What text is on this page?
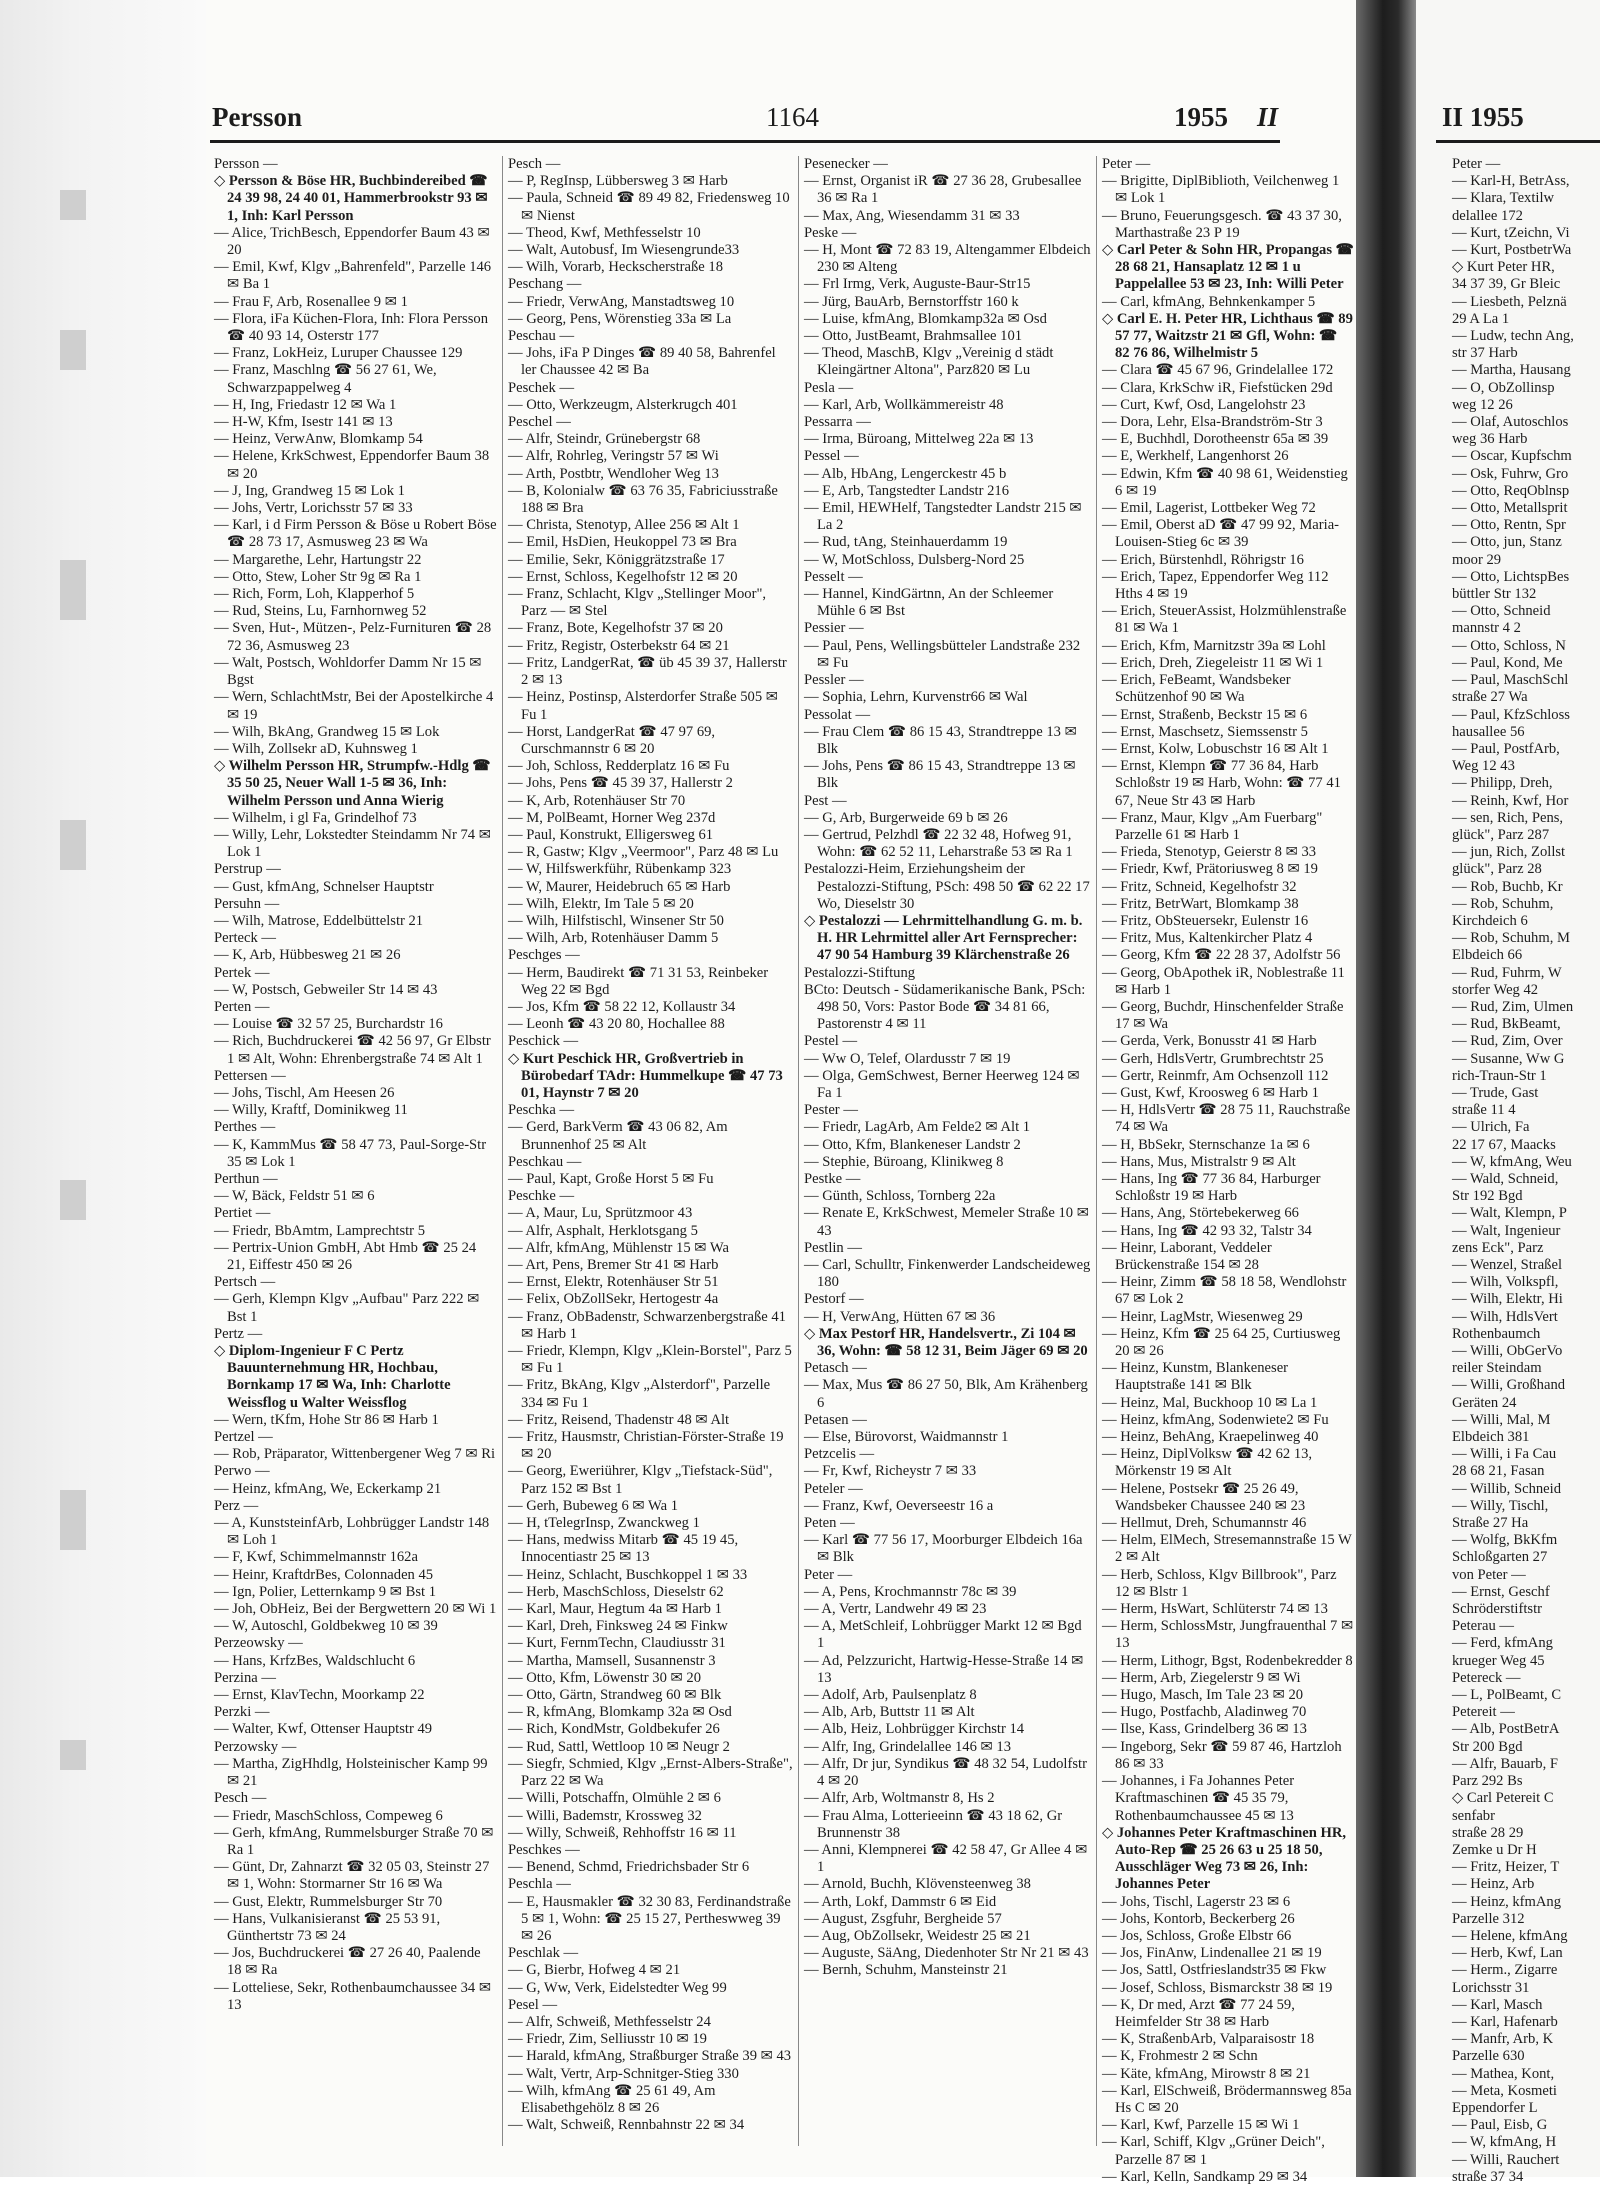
Persson	1164	1955 II
Persson —
◇ Persson & Böse HR, Buchbindereibed ☎ 24 39 98, 24 40 01, Hammerbrookstr 93 ✉ 1, Inh: Karl Persson
— Alice, TrichBesch, Eppendorfer Baum 43 ✉ 20
— Emil, Kwf, Klgv „Bahrenfeld", Parzelle 146 ✉ Ba 1
— Frau F, Arb, Rosenallee 9 ✉ 1
— Flora, iFa Küchen-Flora, Inh: Flora Persson ☎ 40 93 14, Osterstr 177
— Franz, LokHeiz, Luruper Chaussee 129
— Franz, Maschlng ☎ 56 27 61, We, Schwarzpappelweg 4
— H, Ing, Friedastr 12 ✉ Wa 1
— H-W, Kfm, Isestr 141 ✉ 13
— Heinz, VerwAnw, Blomkamp 54
— Helene, KrkSchwest, Eppendorfer Baum 38 ✉ 20
— J, Ing, Grandweg 15 ✉ Lok 1
— Johs, Vertr, Lorichsstr 57 ✉ 33
— Karl, i d Firm Persson & Böse u Robert Böse ☎ 28 73 17, Asmusweg 23 ✉ Wa
— Margarethe, Lehr, Hartungstr 22
— Otto, Stew, Loher Str 9g ✉ Ra 1
— Rich, Form, Loh, Klapperhof 5
— Rud, Steins, Lu, Farnhornweg 52
— Sven, Hut-, Mützen-, Pelz-Furnituren ☎ 28 72 36, Asmusweg 23
— Walt, Postsch, Wohldorfer Damm Nr 15 ✉ Bgst
— Wern, SchlachtMstr, Bei der Apostelkirche 4 ✉ 19
— Wilh, BkAng, Grandweg 15 ✉ Lok
— Wilh, Zollsekr aD, Kuhnsweg 1
◇ Wilhelm Persson HR, Strumpfw.-Hdlg ☎ 35 50 25, Neuer Wall 1-5 ✉ 36, Inh: Wilhelm Persson und Anna Wierig
— Wilhelm, i gl Fa, Grindelhof 73
— Willy, Lehr, Lokstedter Steindamm Nr 74 ✉ Lok 1
Perstrup —
— Gust, kfmAng, Schnelser Hauptstr
Persuhn —
— Wilh, Matrose, Eddelbüttelstr 21
Perteck —
— K, Arb, Hübbesweg 21 ✉ 26
Pertek —
— W, Postsch, Gebweiler Str 14 ✉ 43
Perten —
— Louise ☎ 32 57 25, Burchardstr 16
— Rich, Buchdruckerei ☎ 42 56 97, Gr Elbstr 1 ✉ Alt, Wohn: Ehrenbergstraße 74 ✉ Alt 1
Pettersen —
— Johs, Tischl, Am Heesen 26
— Willy, Kraftf, Dominikweg 11
Perthes —
— K, KammMus ☎ 58 47 73, Paul-Sorge-Str 35 ✉ Lok 1
Perthun —
— W, Bäck, Feldstr 51 ✉ 6
Pertiet —
— Friedr, BbAmtm, Lamprechtstr 5
— Pertrix-Union GmbH, Abt Hmb ☎ 25 24 21, Eiffestr 450 ✉ 26
Pertsch —
— Gerh, Klempn Klgv „Aufbau" Parz 222 ✉ Bst 1
Pertz —
◇ Diplom-Ingenieur F C Pertz Bauunternehmung HR, Hochbau, Bornkamp 17 ✉ Wa, Inh: Charlotte Weissflog u Walter Weissflog
— Wern, tKfm, Hohe Str 86 ✉ Harb 1
Pertzel —
— Rob, Präparator, Wittenbergener Weg 7 ✉ Ri
Perwo —
— Heinz, kfmAng, We, Eckerkamp 21
Perz —
— A, KunststeinfArb, Lohbrügger Landstr 148 ✉ Loh 1
— F, Kwf, Schimmelmannstr 162a
— Heinr, KraftdrBes, Colonnaden 45
— Ign, Polier, Letternkamp 9 ✉ Bst 1
— Joh, ObHeiz, Bei der Bergwettern 20 ✉ Wi 1
— W, Autoschl, Goldbekweg 10 ✉ 39
Perzeowsky —
— Hans, KrfzBes, Waldschlucht 6
Perzina —
— Ernst, KlavTechn, Moorkamp 22
Perzki —
— Walter, Kwf, Ottenser Hauptstr 49
Perzowsky —
— Martha, ZigHhdlg, Holsteinischer Kamp 99 ✉ 21
Pesch —
— Friedr, MaschSchloss, Compeweg 6
— Gerh, kfmAng, Rummelsburger Straße 70 ✉ Ra 1
— Günt, Dr, Zahnarzt ☎ 32 05 03, Steinstr 27 ✉ 1, Wohn: Stormarner Str 16 ✉ Wa
— Gust, Elektr, Rummelsburger Str 70
— Hans, Vulkanisieranst ☎ 25 53 91, Günthertstr 73 ✉ 24
— Jos, Buchdruckerei ☎ 27 26 40, Paalende 18 ✉ Ra
— Lotteliese, Sekr, Rothenbaumchaussee 34 ✉ 13
Pesch —
— P, RegInsp, Lübbersweg 3 ✉ Harb
— Paula, Schneid ☎ 89 49 82, Friedensweg 10 ✉ Nienst
— Theod, Kwf, Methfesselstr 10
— Walt, Autobusf, Im Wiesengrunde33
— Wilh, Vorarb, Heckscherstraße 18
Peschang —
— Friedr, VerwAng, Manstadtsweg 10
— Georg, Pens, Wörenstieg 33a ✉ La
Peschau —
— Johs, iFa P Dinges ☎ 89 40 58, Bahrenfel ler Chaussee 42 ✉ Ba
Peschek —
— Otto, Werkzeugm, Alsterkrugch 401
Peschel —
— Alfr, Steindr, Grünebergstr 68
— Alfr, Rohrleg, Veringstr 57 ✉ Wi
— Arth, Postbtr, Wendloher Weg 13
— B, Kolonialw ☎ 63 76 35, Fabriciusstraße 188 ✉ Bra
— Christa, Stenotyp, Allee 256 ✉ Alt 1
— Emil, HsDien, Heukoppel 73 ✉ Bra
— Emilie, Sekr, Königgrätzstraße 17
— Ernst, Schloss, Kegelhofstr 12 ✉ 20
— Franz, Schlacht, Klgv „Stellinger Moor", Parz — ✉ Stel
— Franz, Bote, Kegelhofstr 37 ✉ 20
— Fritz, Registr, Osterbekstr 64 ✉ 21
— Fritz, LandgerRat, ☎ üb 45 39 37, Hallerstr 2 ✉ 13
— Heinz, Postinsp, Alsterdorfer Straße 505 ✉ Fu 1
— Horst, LandgerRat ☎ 47 97 69, Curschmannstr 6 ✉ 20
— Joh, Schloss, Redderplatz 16 ✉ Fu
— Johs, Pens ☎ 45 39 37, Hallerstr 2
— K, Arb, Rotenhäuser Str 70
— M, PolBeamt, Horner Weg 237d
— Paul, Konstrukt, Elligersweg 61
— R, Gastw; Klgv „Veermoor", Parz 48 ✉ Lu
— W, Hilfswerkführ, Rübenkamp 323
— W, Maurer, Heidebruch 65 ✉ Harb
— Wilh, Elektr, Im Tale 5 ✉ 20
— Wilh, Hilfstischl, Winsener Str 50
— Wilh, Arb, Rotenhäuser Damm 5
Peschges —
— Herm, Baudirekt ☎ 71 31 53, Reinbeker Weg 22 ✉ Bgd
— Jos, Kfm ☎ 58 22 12, Kollaustr 34
— Leonh ☎ 43 20 80, Hochallee 88
Peschick —
◇ Kurt Peschick HR, Großvertrieb in Bürobedarf TAdr: Hummelkupe ☎ 47 73 01, Haynstr 7 ✉ 20
Peschka —
— Gerd, BarkVerm ☎ 43 06 82, Am Brunnenhof 25 ✉ Alt
Peschkau —
— Paul, Kapt, Große Horst 5 ✉ Fu
Peschke —
— A, Maur, Lu, Sprützmoor 43
— Alfr, Asphalt, Herklotsgang 5
— Alfr, kfmAng, Mühlenstr 15 ✉ Wa
— Art, Pens, Bremer Str 41 ✉ Harb
— Ernst, Elektr, Rotenhäuser Str 51
— Felix, ObZollSekr, Hertogestr 4a
— Franz, ObBadenstr, Schwarzenbergstraße 41 ✉ Harb 1
— Friedr, Klempn, Klgv „Klein-Borstel", Parz 5 ✉ Fu 1
— Fritz, BkAng, Klgv „Alsterdorf", Parzelle 334 ✉ Fu 1
— Fritz, Reisend, Thadenstr 48 ✉ Alt
— Fritz, Hausmstr, Christian-Förster-Straße 19 ✉ 20
— Georg, Eweriührer, Klgv „Tiefstack-Süd", Parz 152 ✉ Bst 1
— Gerh, Bubeweg 6 ✉ Wa 1
— H, tTelegrInsp, Zwanckweg 1
— Hans, medwiss Mitarb ☎ 45 19 45, Innocentiastr 25 ✉ 13
— Heinz, Schlacht, Buschkoppel 1 ✉ 33
— Herb, MaschSchloss, Dieselstr 62
— Karl, Maur, Hegtum 4a ✉ Harb 1
— Karl, Dreh, Finksweg 24 ✉ Finkw
— Kurt, FernmTechn, Claudiusstr 31
— Martha, Mamsell, Susannenstr 3
— Otto, Kfm, Löwenstr 30 ✉ 20
— Otto, Gärtn, Strandweg 60 ✉ Blk
— R, kfmAng, Blomkamp 32a ✉ Osd
— Rich, KondMstr, Goldbekufer 26
— Rud, Sattl, Wettloop 10 ✉ Neugr 2
— Siegfr, Schmied, Klgv „Ernst-Albers-Straße", Parz 22 ✉ Wa
— Willi, Potschaffn, Olmühle 2 ✉ 6
— Willi, Bademstr, Krossweg 32
— Willy, Schweiß, Rehhoffstr 16 ✉ 11
Peschkes —
— Benend, Schmd, Friedrichsbader Str 6
Peschla —
— E, Hausmakler ☎ 32 30 83, Ferdinandstraße 5 ✉ 1, Wohn: ☎ 25 15 27, Pertheswweg 39 ✉ 26
Peschlak —
— G, Bierbr, Hofweg 4 ✉ 21
— G, Ww, Verk, Eidelstedter Weg 99
Pesel —
— Alfr, Schweiß, Methfesselstr 24
— Friedr, Zim, Selliusstr 10 ✉ 19
— Harald, kfmAng, Straßburger Straße 39 ✉ 43
— Walt, Vertr, Arp-Schnitger-Stieg 330
— Wilh, kfmAng ☎ 25 61 49, Am Elisabethgehölz 8 ✉ 26
— Walt, Schweiß, Rennbahnstr 22 ✉ 34
Pesenecker —
— Ernst, Organist iR ☎ 27 36 28, Grubesallee 36 ✉ Ra 1
— Max, Ang, Wiesendamm 31 ✉ 33
Peske —
— H, Mont ☎ 72 83 19, Altengammer Elbdeich 230 ✉ Alteng
— Frl Irmg, Verk, Auguste-Baur-Str15
— Jürg, BauArb, Bernstorffstr 160 k
— Luise, kfmAng, Blomkamp32a ✉ Osd
— Otto, JustBeamt, Brahmsallee 101
— Theod, MaschB, Klgv „Vereinig d städt Kleingärtner Altona", Parz820 ✉ Lu
Pesla —
— Karl, Arb, Wollkämmereistr 48
Pessarra —
— Irma, Büroang, Mittelweg 22a ✉ 13
Pessel —
— Alb, HbAng, Lengerckestr 45 b
— E, Arb, Tangstedter Landstr 216
— Emil, HEWHelf, Tangstedter Landstr 215 ✉ La 2
— Rud, tAng, Steinhauerdamm 19
— W, MotSchloss, Dulsberg-Nord 25
Pesselt —
— Hannel, KindGärtnn, An der Schleemer Mühle 6 ✉ Bst
Pessier —
— Paul, Pens, Wellingsbütteler Landstraße 232 ✉ Fu
Pessler —
— Sophia, Lehrn, Kurvenstr66 ✉ Wal
Pessolat —
— Frau Clem ☎ 86 15 43, Strandtreppe 13 ✉ Blk
— Johs, Pens ☎ 86 15 43, Strandtreppe 13 ✉ Blk
Pest —
— G, Arb, Burgerweide 69 b ✉ 26
— Gertrud, Pelzhdl ☎ 22 32 48, Hofweg 91, Wohn: ☎ 62 52 11, Leharstraße 53 ✉ Ra 1
Pestalozzi-Heim, Erziehungsheim der Pestalozzi-Stiftung, PSch: 498 50 ☎ 62 22 17 Wo, Dieselstr 30
◇ Pestalozzi — Lehrmittelhandlung G. m. b. H. HR Lehrmittel aller Art Fernsprecher: 47 90 54 Hamburg 39 Klärchenstraße 26
Pestalozzi-Stiftung
BCto: Deutsch - Südamerikanische Bank, PSch: 498 50, Vors: Pastor Bode ☎ 34 81 66, Pastorenstr 4 ✉ 11
Pestel —
— Ww O, Telef, Olardusstr 7 ✉ 19
— Olga, GemSchwest, Berner Heerweg 124 ✉ Fa 1
Pester —
— Friedr, LagArb, Am Felde2 ✉ Alt 1
— Otto, Kfm, Blankeneser Landstr 2
— Stephie, Büroang, Klinikweg 8
Pestke —
— Günth, Schloss, Tornberg 22a
— Renate E, KrkSchwest, Memeler Straße 10 ✉ 43
Pestlin —
— Carl, Schulltr, Finkenwerder Landscheideweg 180
Pestorf —
— H, VerwAng, Hütten 67 ✉ 36
◇ Max Pestorf HR, Handelsvertr., Zi 104 ✉ 36, Wohn: ☎ 58 12 31, Beim Jäger 69 ✉ 20
Petasch —
— Max, Mus ☎ 86 27 50, Blk, Am Krähenberg 6
Petasen —
— Else, Bürovorst, Waidmannstr 1
Petzcelis —
— Fr, Kwf, Richeystr 7 ✉ 33
Peteler —
— Franz, Kwf, Oeverseestr 16 a
Peten —
— Karl ☎ 77 56 17, Moorburger Elbdeich 16a ✉ Blk
Peter —
— A, Pens, Krochmannstr 78c ✉ 39
— A, Vertr, Landwehr 49 ✉ 23
— A, MetSchleif, Lohbrügger Markt 12 ✉ Bgd 1
— Ad, Pelzzuricht, Hartwig-Hesse-Straße 14 ✉ 13
— Adolf, Arb, Paulsenplatz 8
— Alb, Arb, Buttstr 11 ✉ Alt
— Alb, Heiz, Lohbrügger Kirchstr 14
— Alfr, Ing, Grindelallee 146 ✉ 13
— Alfr, Dr jur, Syndikus ☎ 48 32 54, Ludolfstr 4 ✉ 20
— Alfr, Arb, Woltmanstr 8, Hs 2
— Frau Alma, Lotterieeinn ☎ 43 18 62, Gr Brunnenstr 38
— Anni, Klempnerei ☎ 42 58 47, Gr Allee 4 ✉ 1
— Arnold, Buchh, Klövensteenweg 38
— Arth, Lokf, Dammstr 6 ✉ Eid
— August, Zsgfuhr, Bergheide 57
— Aug, ObZollsekr, Weidestr 25 ✉ 21
— Auguste, SäAng, Diedenhoter Str Nr 21 ✉ 43
— Bernh, Schuhm, Mansteinstr 21
Peter —
— Brigitte, DiplBiblioth, Veilchenweg 1 ✉ Lok 1
— Bruno, Feuerungsgesch. ☎ 43 37 30, Marthastraße 23 P 19
◇ Carl Peter & Sohn HR, Propangas ☎ 28 68 21, Hansaplatz 12 ✉ 1 u Pappelallee 53 ✉ 23, Inh: Willi Peter
— Carl, kfmAng, Behnkenkamper 5
◇ Carl E. H. Peter HR, Lichthaus ☎ 89 57 77, Waitzstr 21 ✉ Gfl, Wohn: ☎ 82 76 86, Wilhelmistr 5
— Clara ☎ 45 67 96, Grindelallee 172
— Clara, KrkSchw iR, Fiefstücken 29d
— Curt, Kwf, Osd, Langelohstr 23
— Dora, Lehr, Elsa-Brandström-Str 3
— E, Buchhdl, Dorotheenstr 65a ✉ 39
— E, Werkhelf, Langenhorst 26
— Edwin, Kfm ☎ 40 98 61, Weidenstieg 6 ✉ 19
— Emil, Lagerist, Lottbeker Weg 72
— Emil, Oberst aD ☎ 47 99 92, Maria-Louisen-Stieg 6c ✉ 39
— Erich, Bürstenhdl, Röhrigstr 16
— Erich, Tapez, Eppendorfer Weg 112 Hths 4 ✉ 19
— Erich, SteuerAssist, Holzmühlenstraße 81 ✉ Wa 1
— Erich, Kfm, Marnitzstr 39a ✉ Lohl
— Erich, Dreh, Ziegeleistr 11 ✉ Wi 1
— Erich, FeBeamt, Wandsbeker Schützenhof 90 ✉ Wa
— Ernst, Straßenb, Beckstr 15 ✉ 6
— Ernst, Maschsetz, Siemssenstr 5
— Ernst, Kolw, Lobuschstr 16 ✉ Alt 1
— Ernst, Klempn ☎ 77 36 84, Harb Schloßstr 19 ✉ Harb, Wohn: ☎ 77 41 67, Neue Str 43 ✉ Harb
— Franz, Maur, Klgv „Am Fuerbarg" Parzelle 61 ✉ Harb 1
— Frieda, Stenotyp, Geierstr 8 ✉ 33
— Friedr, Kwf, Prätoriusweg 8 ✉ 19
— Fritz, Schneid, Kegelhofstr 32
— Fritz, BetrWart, Blomkamp 38
— Fritz, ObSteuersekr, Eulenstr 16
— Fritz, Mus, Kaltenkircher Platz 4
— Georg, Kfm ☎ 22 28 37, Adolfstr 56
— Georg, ObApothek iR, Noblestraße 11 ✉ Harb 1
— Georg, Buchdr, Hinschenfelder Straße 17 ✉ Wa
— Gerda, Verk, Bonusstr 41 ✉ Harb
— Gerh, HdlsVertr, Grumbrechtstr 25
— Gertr, Reinmfr, Am Ochsenzoll 112
— Gust, Kwf, Kroosweg 6 ✉ Harb 1
— H, HdlsVertr ☎ 28 75 11, Rauchstraße 74 ✉ Wa
— H, BbSekr, Sternschanze 1a ✉ 6
— Hans, Mus, Mistralstr 9 ✉ Alt
— Hans, Ing ☎ 77 36 84, Harburger Schloßstr 19 ✉ Harb
— Hans, Ang, Störtebekerweg 66
— Hans, Ing ☎ 42 93 32, Talstr 34
— Heinr, Laborant, Veddeler Brückenstraße 154 ✉ 28
— Heinr, Zimm ☎ 58 18 58, Wendlohstr 67 ✉ Lok 2
— Heinr, LagMstr, Wiesenweg 29
— Heinz, Kfm ☎ 25 64 25, Curtiusweg 20 ✉ 26
— Heinz, Kunstm, Blankeneser Hauptstraße 141 ✉ Blk
— Heinz, Mal, Buckhoop 10 ✉ La 1
— Heinz, kfmAng, Sodenwiete2 ✉ Fu
— Heinz, BehAng, Kraepelinweg 40
— Heinz, DiplVolksw ☎ 42 62 13, Mörkenstr 19 ✉ Alt
— Helene, Postsekr ☎ 25 26 49, Wandsbeker Chaussee 240 ✉ 23
— Hellmut, Dreh, Schumannstr 46
— Helm, ElMech, Stresemannstraße 15 W 2 ✉ Alt
— Herb, Schloss, Klgv Billbrook", Parz 12 ✉ Blstr 1
— Herm, HsWart, Schlüterstr 74 ✉ 13
— Herm, SchlossMstr, Jungfrauenthal 7 ✉ 13
— Herm, Lithogr, Bgst, Rodenbekredder 8
— Herm, Arb, Ziegelerstr 9 ✉ Wi
— Hugo, Masch, Im Tale 23 ✉ 20
— Hugo, Postfachb, Aladinweg 70
— Ilse, Kass, Grindelberg 36 ✉ 13
— Ingeborg, Sekr ☎ 59 87 46, Hartzloh 86 ✉ 33
— Johannes, i Fa Johannes Peter Kraftmaschinen ☎ 45 35 79, Rothenbaumchaussee 45 ✉ 13
◇ Johannes Peter Kraftmaschinen HR, Auto-Rep ☎ 25 26 63 u 25 18 50, Ausschläger Weg 73 ✉ 26, Inh: Johannes Peter
— Johs, Tischl, Lagerstr 23 ✉ 6
— Johs, Kontorb, Beckerberg 26
— Jos, Schloss, Große Elbstr 66
— Jos, FinAnw, Lindenallee 21 ✉ 19
— Jos, Sattl, Ostfrieslandstr35 ✉ Fkw
— Josef, Schloss, Bismarckstr 38 ✉ 19
— K, Dr med, Arzt ☎ 77 24 59, Heimfelder Str 38 ✉ Harb
— K, StraßenbArb, Valparaisostr 18
— K, Frohmestr 2 ✉ Schn
— Käte, kfmAng, Mirowstr 8 ✉ 21
— Karl, ElSchweiß, Brödermannsweg 85a Hs C ✉ 20
— Karl, Kwf, Parzelle 15 ✉ Wi 1
— Karl, Schiff, Klgv „Grüner Deich", Parzelle 87 ✉ 1
— Karl, Kelln, Sandkamp 29 ✉ 34
II 1955
Peter —
— Karl-H, BetrAss,
— Klara, Textilw
delallee 172
— Kurt, tZeichn, Vi
— Kurt, PostbetrWa
◇ Kurt Peter HR,
34 37 39, Gr Bleic
— Liesbeth, Pelznä
29 A La 1
— Ludw, techn Ang,
str 37 Harb
— Martha, Hausang
— O, ObZollinsp
weg 12 26
— Olaf, Autoschlos
weg 36 Harb
— Oscar, Kupfschm
— Osk, Fuhrw, Gro
— Otto, ReqOblnsp
— Otto, Metallsprit
— Otto, Rentn, Spr
— Otto, jun, Stanz
moor 29
— Otto, LichtspBes
büttler Str 132
— Otto, Schneid
mannstr 4 2
— Otto, Schloss, N
— Paul, Kond, Me
— Paul, MaschSchl
straße 27 Wa
— Paul, KfzSchloss
hausallee 56
— Paul, PostfArb,
Weg 12 43
— Philipp, Dreh,
— Reinh, Kwf, Hor
— sen, Rich, Pens,
glück", Parz 287
— jun, Rich, Zollst
glück", Parz 28
— Rob, Buchb, Kr
— Rob, Schuhm,
Kirchdeich 6
— Rob, Schuhm, M
Elbdeich 66
— Rud, Fuhrm, W
storfer Weg 42
— Rud, Zim, Ulmen
— Rud, BkBeamt,
— Rud, Zim, Over
— Susanne, Ww G
rich-Traun-Str 1
— Trude, Gast
straße 11 4
— Ulrich, Fa
22 17 67, Maacks
— W, kfmAng, Weu
— Wald, Schneid,
Str 192 Bgd
— Walt, Klempn, P
— Walt, Ingenieur
zens Eck", Parz
— Wenzel, Straßel
— Wilh, Volkspfl,
— Wilh, Elektr, Hi
— Wilh, HdlsVert
Rothenbaumch
— Willi, ObGerVo
reiler Steindam
— Willi, Großhand
Geräten 24
— Willi, Mal, M
Elbdeich 381
— Willi, i Fa Cau
28 68 21, Fasan
— Willib, Schneid
— Willy, Tischl,
Straße 27 Ha
— Wolfg, BkKfm
Schloßgarten 27
von Peter —
— Ernst, Geschf
Schröderstiftstr
Peterau —
— Ferd, kfmAng
krueger Weg 45
Petereck —
— L, PolBeamt, C
Petereit —
— Alb, PostBetrA
Str 200 Bgd
— Alfr, Bauarb, F
Parz 292 Bs
◇ Carl Petereit C
senfabr
straße 28 29
Zemke u Dr H
— Fritz, Heizer, T
— Heinz, Arb
— Heinz, kfmAng
Parzelle 312
— Helene, kfmAng
— Herb, Kwf, Lan
— Herm., Zigarre
Lorichsstr 31
— Karl, Masch
— Karl, Hafenarb
— Manfr, Arb, K
Parzelle 630
— Mathea, Kont,
— Meta, Kosmeti
Eppendorfer L
— Paul, Eisb, G
— W, kfmAng, H
— Willi, Rauchert
straße 37 34
